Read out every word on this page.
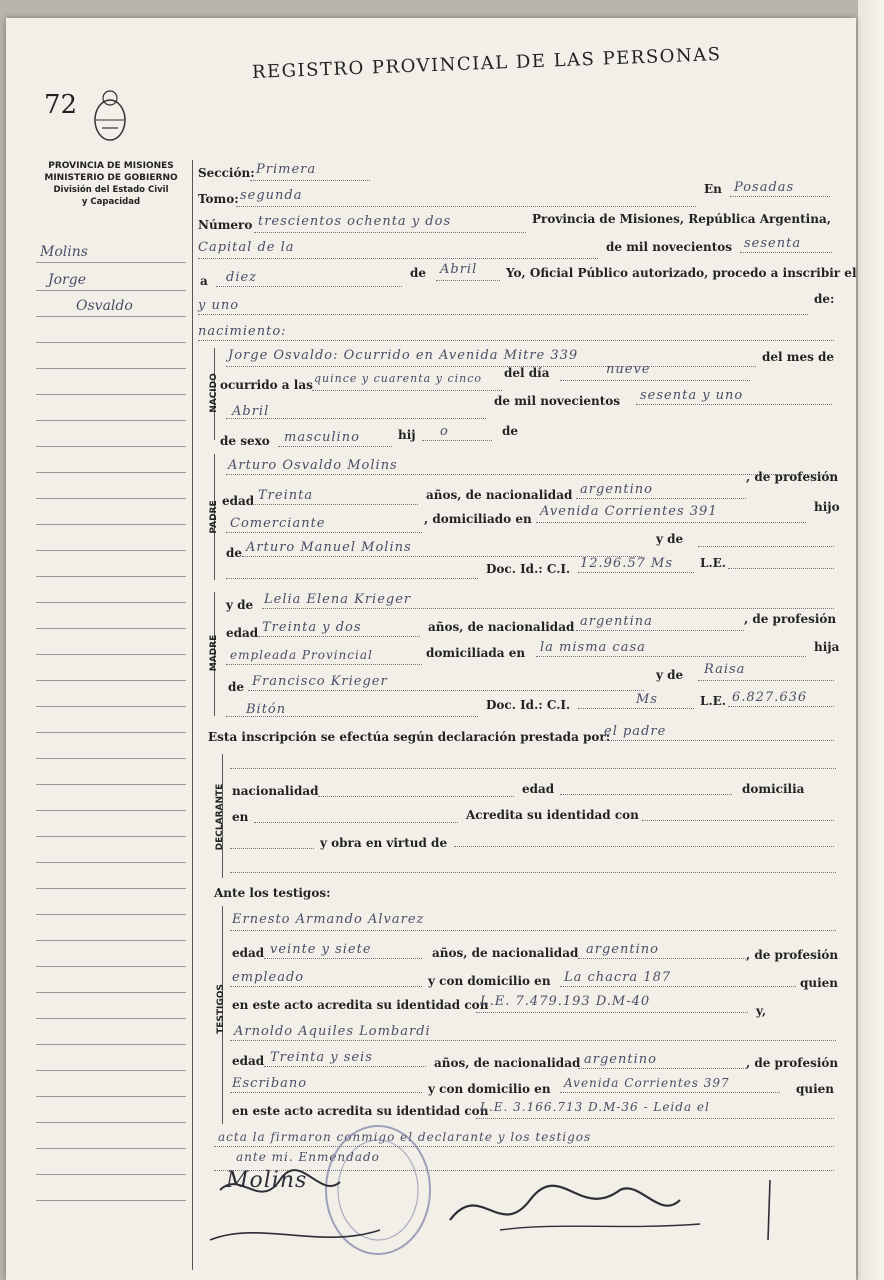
72
REGISTRO PROVINCIAL DE LAS PERSONAS
PROVINCIA DE MISIONES
MINISTERIO DE GOBIERNO
División del Estado Civil
y Capacidad
Molins
Jorge
Osvaldo
Sección: Primera
Tomo: segunda	En Posadas
Número trescientos ochenta y dos	Provincia de Misiones, República Argentina,
Capital de la	de mil novecientos sesenta
a diez	de Abril Yo, Oficial Público autorizado, procedo a inscribir el
y uno	de:
nacimiento:
NACIDO
Jorge Osvaldo: Ocurrido en Avenida Mitre 339	del mes de
ocurrido a las quince y cuarenta y cinco del día	nueve
Abril
de mil novecientos sesenta y uno
de sexo masculino	hij o	de
PADRE
Arturo Osvaldo Molins
, de profesión
edad Treinta	años, de nacionalidad argentino
Comerciante	, domiciliado en Avenida Corrientes 391	hijo
de Arturo Manuel Molins
y de
Doc. Id.: C.I. 12.96.57 Ms L.E.
MADRE
y de Lelia Elena Krieger
edad Treinta y dos	años, de nacionalidad argentina	, de profesión
empleada Provincial	domiciliada en la misma casa	hija
de Francisco Krieger	y de Raisa
Bitón	Doc. Id.: C.I.	Ms	L.E. 6.827.636
Esta inscripción se efectúa según declaración prestada por:
el padre
DECLARANTE nacionalidad	edad	domicilia
en	Acredita su identidad con
y obra en virtud de
Ante los testigos:
TESTIGOS
Ernesto Armando Alvarez
edad veinte y siete	años, de nacionalidad argentino	, de profesión
empleado	y con domicilio en La chacra 187	quien
en este acto acredita su identidad con
L.E. 7.479.193 D.M-40
y,
Arnoldo Aquiles Lombardi
edad Treinta y seis	años, de nacionalidad argentino	, de profesión
Escribano	y con domicilio en Avenida Corrientes 397	quien
en este acto acredita su identidad con
L.E. 3.166.713 D.M-36 - Leida el
acta la firmaron conmigo el declarante y los testigos
ante mi. Enmendado
Molins
